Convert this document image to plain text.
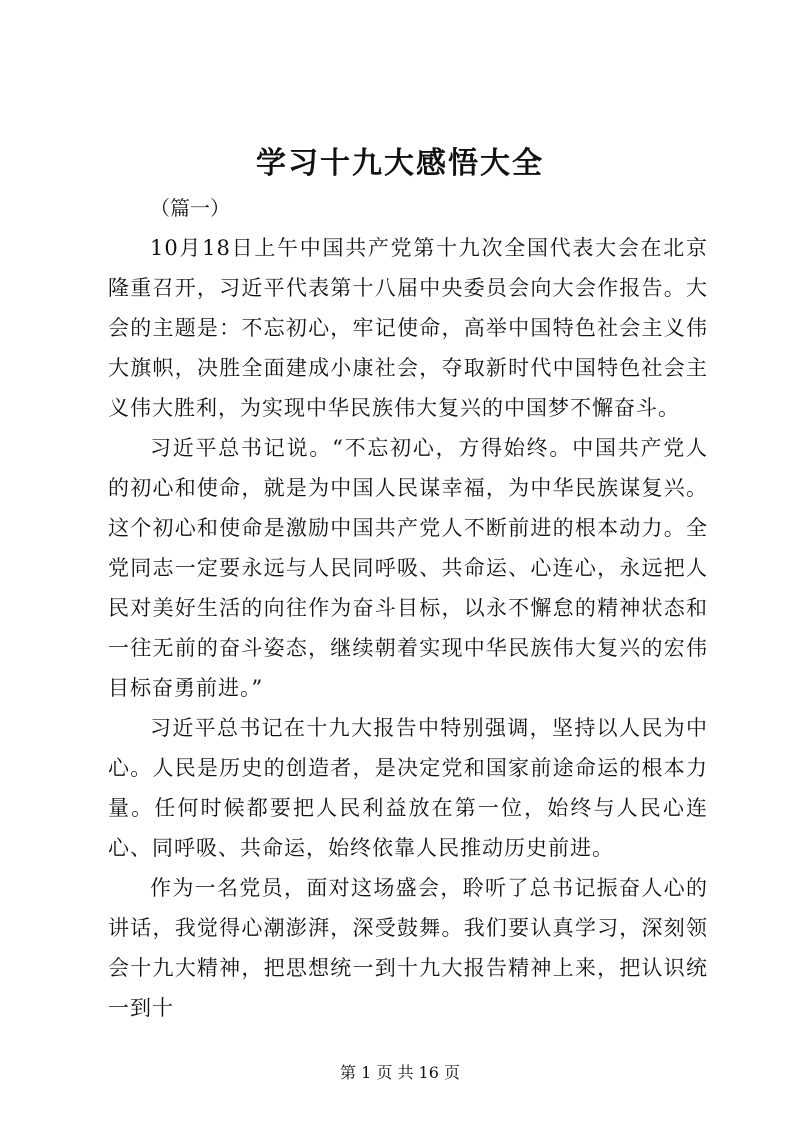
学习十九大感悟大全

（篇一）

10月18日上午中国共产党第十九次全国代表大会在北京隆重召开，习近平代表第十八届中央委员会向大会作报告。大会的主题是：不忘初心，牢记使命，高举中国特色社会主义伟大旗帜，决胜全面建成小康社会，夺取新时代中国特色社会主义伟大胜利，为实现中华民族伟大复兴的中国梦不懈奋斗。

习近平总书记说。“不忘初心，方得始终。中国共产党人的初心和使命，就是为中国人民谋幸福，为中华民族谋复兴。这个初心和使命是激励中国共产党人不断前进的根本动力。全党同志一定要永远与人民同呼吸、共命运、心连心，永远把人民对美好生活的向往作为奋斗目标，以永不懈怠的精神状态和一往无前的奋斗姿态，继续朝着实现中华民族伟大复兴的宏伟目标奋勇前进。”

习近平总书记在十九大报告中特别强调，坚持以人民为中心。人民是历史的创造者，是决定党和国家前途命运的根本力量。任何时候都要把人民利益放在第一位，始终与人民心连心、同呼吸、共命运，始终依靠人民推动历史前进。

作为一名党员，面对这场盛会，聆听了总书记振奋人心的讲话，我觉得心潮澎湃，深受鼓舞。我们要认真学习，深刻领会十九大精神，把思想统一到十九大报告精神上来，把认识统一到十

第 1 页 共 16 页
